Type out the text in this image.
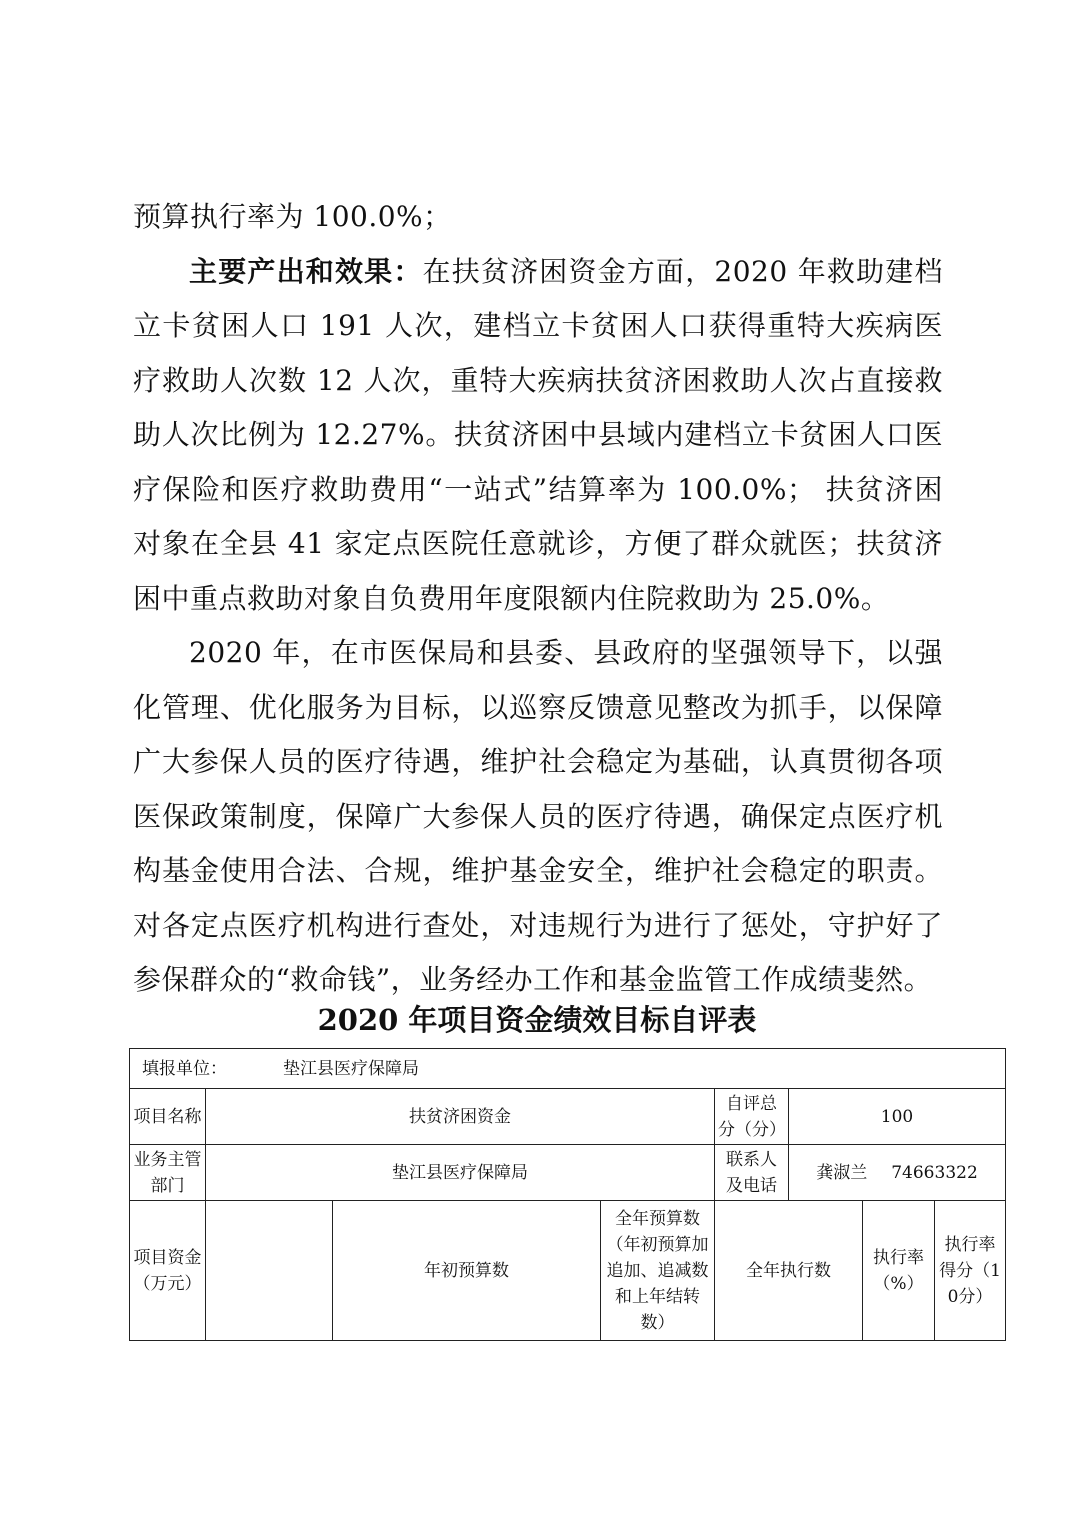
预算执行率为 100.0%；

主要产出和效果：在扶贫济困资金方面，2020 年救助建档立卡贫困人口 191 人次，建档立卡贫困人口获得重特大疾病医疗救助人次数 12 人次，重特大疾病扶贫济困救助人次占直接救助人次比例为 12.27%。扶贫济困中县域内建档立卡贫困人口医疗保险和医疗救助费用“一站式”结算率为 100.0%； 扶贫济困对象在全县 41 家定点医院任意就诊，方便了群众就医；扶贫济困中重点救助对象自负费用年度限额内住院救助为 25.0%。

2020 年，在市医保局和县委、县政府的坚强领导下，以强化管理、优化服务为目标，以巡察反馈意见整改为抓手，以保障广大参保人员的医疗待遇，维护社会稳定为基础，认真贯彻各项医保政策制度，保障广大参保人员的医疗待遇，确保定点医疗机构基金使用合法、合规，维护基金安全，维护社会稳定的职责。对各定点医疗机构进行查处，对违规行为进行了惩处，守护好了参保群众的“救命钱”，业务经办工作和基金监管工作成绩斐然。

2020 年项目资金绩效目标自评表
填报单位： 垫江县医疗保障局							
项目名称	扶贫济困资金			自评总分（分）	100		
业务主管部门	垫江县医疗保障局			联系人及电话	龚淑兰 74663322		
项目资金（万元）		年初预算数	全年预算数（年初预算加追加、追减数和上年结转数）	全年执行数		执行率（%）	执行率得分（10分）
